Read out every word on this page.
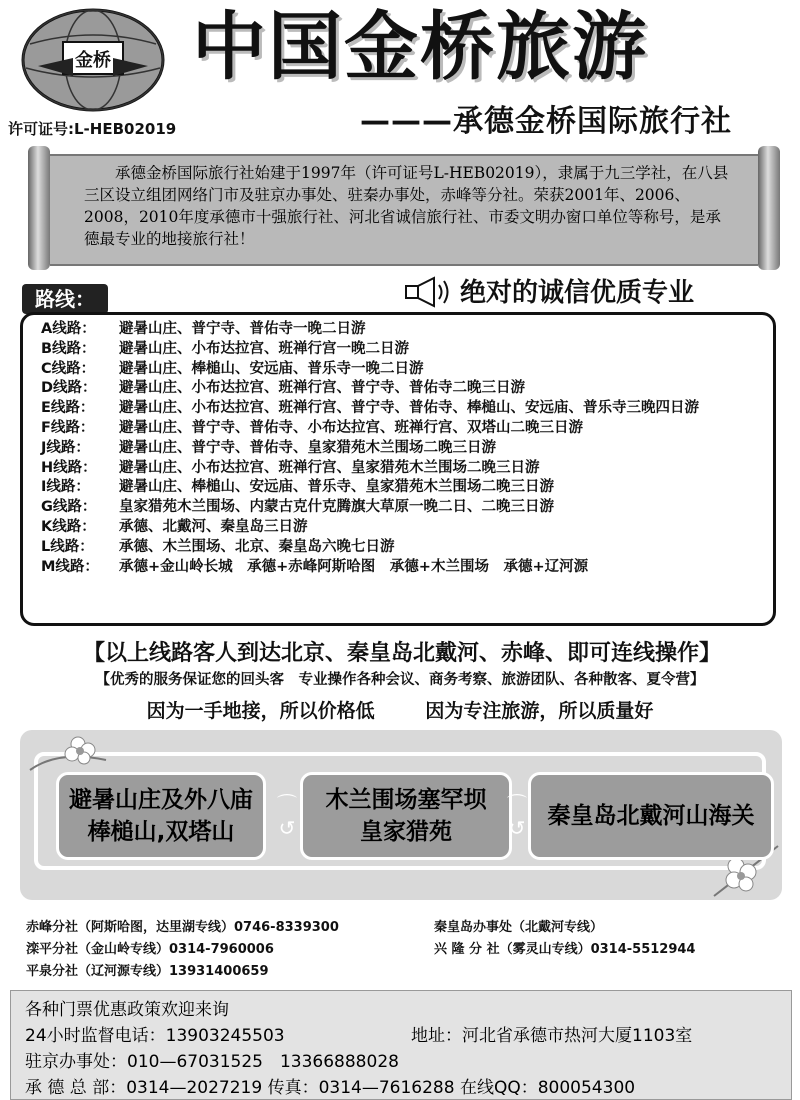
金桥 中国金桥旅游
许可证号:L-HEB02019	———承德金桥国际旅行社
承德金桥国际旅行社始建于1997年（许可证号L-HEB02019），隶属于九三学社，在八县三区设立组团网络门市及驻京办事处、驻秦办事处，赤峰等分社。荣获2001年、2006、2008，2010年度承德市十强旅行社、河北省诚信旅行社、市委文明办窗口单位等称号，是承德最专业的地接旅行社！
路线：	绝对的诚信优质专业
A线路：	避暑山庄、普宁寺、普佑寺一晚二日游
B线路：	避暑山庄、小布达拉宫、班禅行宫一晚二日游
C线路：	避暑山庄、棒槌山、安远庙、普乐寺一晚二日游
D线路：	避暑山庄、小布达拉宫、班禅行宫、普宁寺、普佑寺二晚三日游
E线路：	避暑山庄、小布达拉宫、班禅行宫、普宁寺、普佑寺、棒槌山、安远庙、普乐寺三晚四日游
F线路：	避暑山庄、普宁寺、普佑寺、小布达拉宫、班禅行宫、双塔山二晚三日游
J线路：	避暑山庄、普宁寺、普佑寺、皇家猎苑木兰围场二晚三日游
H线路：	避暑山庄、小布达拉宫、班禅行宫、皇家猎苑木兰围场二晚三日游
I线路：	避暑山庄、棒槌山、安远庙、普乐寺、皇家猎苑木兰围场二晚三日游
G线路：	皇家猎苑木兰围场、内蒙古克什克腾旗大草原一晚二日、二晚三日游
K线路：	承德、北戴河、秦皇岛三日游
L线路：	承德、木兰围场、北京、秦皇岛六晚七日游
M线路：	承德+金山岭长城　承德+赤峰阿斯哈图　承德+木兰围场　承德+辽河源
【以上线路客人到达北京、秦皇岛北戴河、赤峰、即可连线操作】
【优秀的服务保证您的回头客　专业操作各种会议、商务考察、旅游团队、各种散客、夏令营】
因为一手地接，所以价格低	因为专注旅游，所以质量好
避暑山庄及外八庙
棒槌山,双塔山
⌒
↺
木兰围场塞罕坝
皇家猎苑
⌒
↺ 秦皇岛北戴河山海关
赤峰分社（阿斯哈图，达里湖专线）0746-8339300
滦平分社（金山岭专线）0314-7960006
平泉分社（辽河源专线）13931400659
秦皇岛办事处（北戴河专线）
兴 隆 分 社（雾灵山专线）0314-5512944
各种门票优惠政策欢迎来询
24小时监督电话：13903245503	地址：河北省承德市热河大厦1103室
驻京办事处：010—67031525　13366888028
承 德 总 部：0314—2027219 传真：0314—7616288 在线QQ：800054300
